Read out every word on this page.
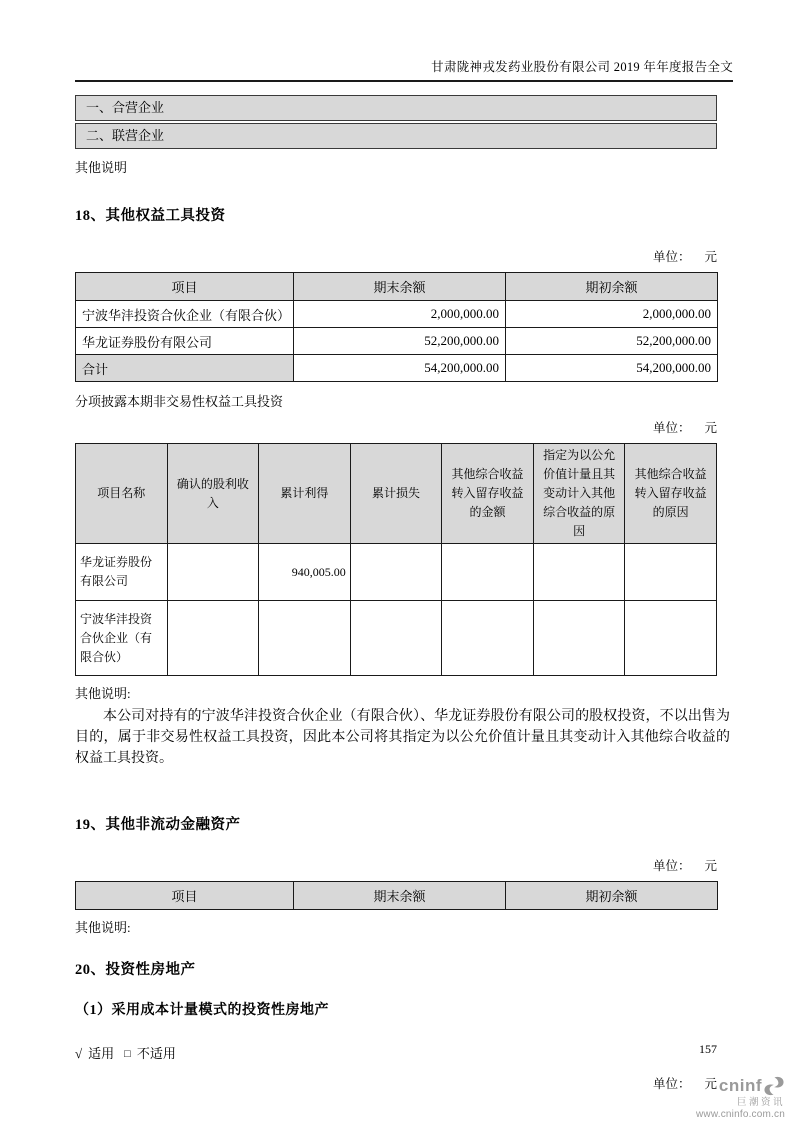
甘肃陇神戎发药业股份有限公司 2019 年年度报告全文
一、合营企业
二、联营企业
其他说明
18、其他权益工具投资
单位： 元
项目	期末余额	期初余额
宁波华沣投资合伙企业（有限合伙）	2,000,000.00	2,000,000.00
华龙证券股份有限公司	52,200,000.00	52,200,000.00
合计	54,200,000.00	54,200,000.00
分项披露本期非交易性权益工具投资
单位： 元
项目名称	确认的股利收入	累计利得	累计损失	其他综合收益转入留存收益的金额	指定为以公允价值计量且其变动计入其他综合收益的原因	其他综合收益转入留存收益的原因
华龙证券股份有限公司		940,005.00				
宁波华沣投资合伙企业（有限合伙）						
其他说明:
本公司对持有的宁波华沣投资合伙企业（有限合伙）、华龙证券股份有限公司的股权投资，不以出售为目的，属于非交易性权益工具投资，因此本公司将其指定为以公允价值计量且其变动计入其他综合收益的权益工具投资。
19、其他非流动金融资产
单位： 元
项目	期末余额	期初余额
其他说明:
20、投资性房地产
（1）采用成本计量模式的投资性房地产
√ 适用 □ 不适用
单位： 元
157
cninf
巨潮资讯
www.cninfo.com.cn
